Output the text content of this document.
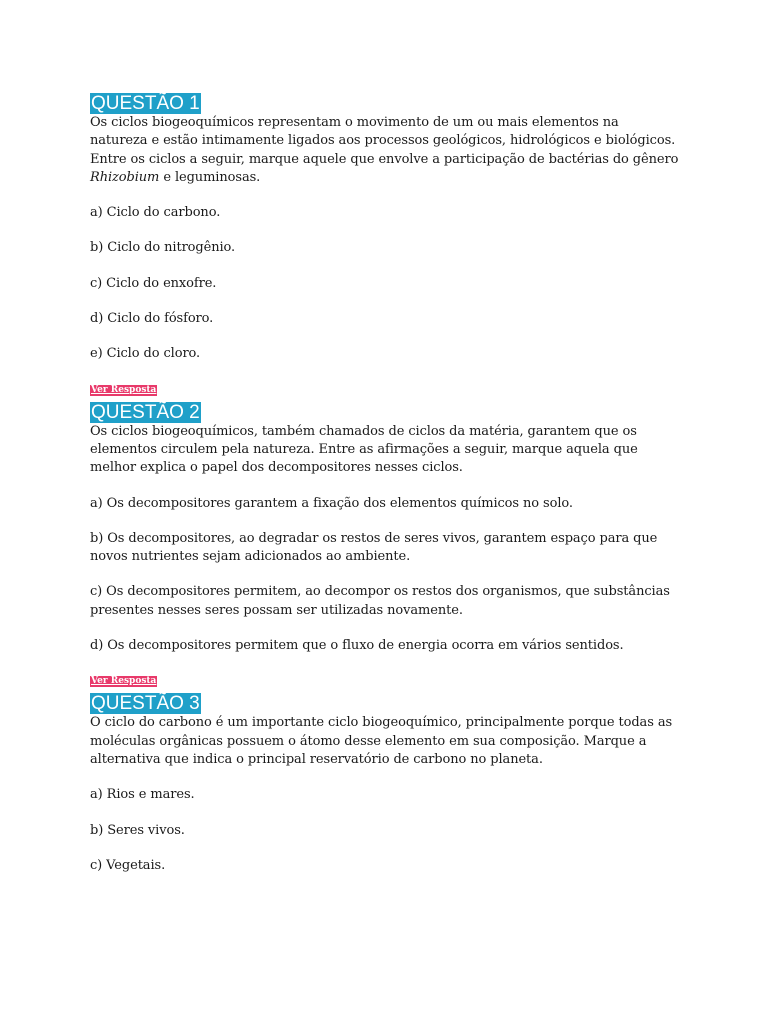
QUESTÃO 1

Os ciclos biogeoquímicos representam o movimento de um ou mais elementos na natureza e estão intimamente ligados aos processos geológicos, hidrológicos e biológicos. Entre os ciclos a seguir, marque aquele que envolve a participação de bactérias do gênero Rhizobium e leguminosas.

a) Ciclo do carbono.

b) Ciclo do nitrogênio.

c) Ciclo do enxofre.

d) Ciclo do fósforo.

e) Ciclo do cloro.

Ver Resposta
QUESTÃO 2

Os ciclos biogeoquímicos, também chamados de ciclos da matéria, garantem que os elementos circulem pela natureza. Entre as afirmações a seguir, marque aquela que melhor explica o papel dos decompositores nesses ciclos.

a) Os decompositores garantem a fixação dos elementos químicos no solo.

b) Os decompositores, ao degradar os restos de seres vivos, garantem espaço para que novos nutrientes sejam adicionados ao ambiente.

c) Os decompositores permitem, ao decompor os restos dos organismos, que substâncias presentes nesses seres possam ser utilizadas novamente.

d) Os decompositores permitem que o fluxo de energia ocorra em vários sentidos.

Ver Resposta
QUESTÃO 3

O ciclo do carbono é um importante ciclo biogeoquímico, principalmente porque todas as moléculas orgânicas possuem o átomo desse elemento em sua composição. Marque a alternativa que indica o principal reservatório de carbono no planeta.

a) Rios e mares.

b) Seres vivos.

c) Vegetais.
